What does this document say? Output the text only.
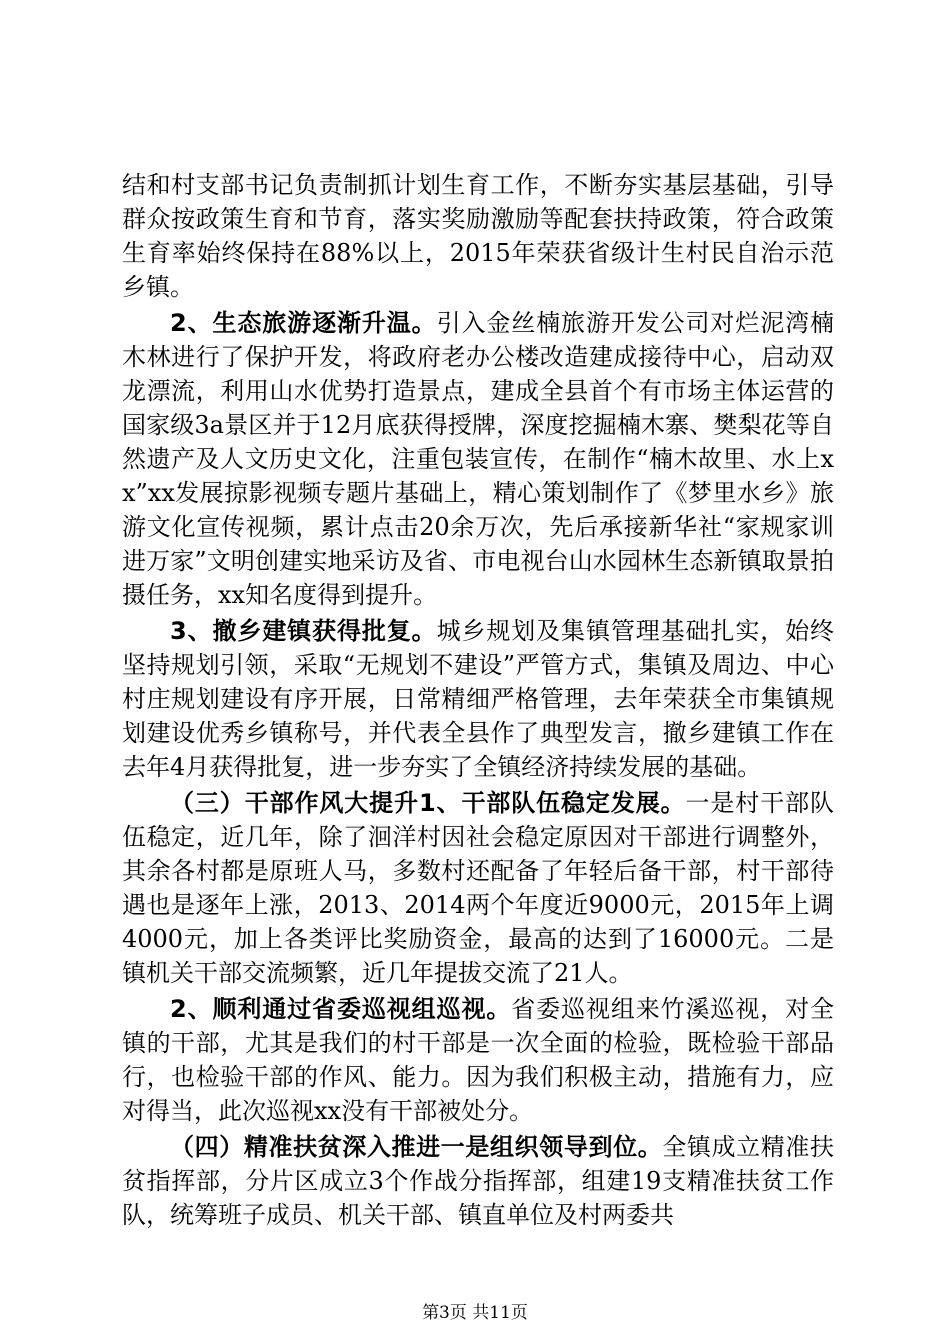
结和村支部书记负责制抓计划生育工作，不断夯实基层基础，引导群众按政策生育和节育，落实奖励激励等配套扶持政策，符合政策生育率始终保持在88%以上，2015年荣获省级计生村民自治示范乡镇。

2、生态旅游逐渐升温。引入金丝楠旅游开发公司对烂泥湾楠木林进行了保护开发，将政府老办公楼改造建成接待中心，启动双龙漂流，利用山水优势打造景点，建成全县首个有市场主体运营的国家级3a景区并于12月底获得授牌，深度挖掘楠木寨、樊梨花等自然遗产及人文历史文化，注重包装宣传，在制作“楠木故里、水上xx”xx发展掠影视频专题片基础上，精心策划制作了《梦里水乡》旅游文化宣传视频，累计点击20余万次，先后承接新华社“家规家训进万家”文明创建实地采访及省、市电视台山水园林生态新镇取景拍摄任务，xx知名度得到提升。

3、撤乡建镇获得批复。城乡规划及集镇管理基础扎实，始终坚持规划引领，采取“无规划不建设”严管方式，集镇及周边、中心村庄规划建设有序开展，日常精细严格管理，去年荣获全市集镇规划建设优秀乡镇称号，并代表全县作了典型发言，撤乡建镇工作在去年4月获得批复，进一步夯实了全镇经济持续发展的基础。

（三）干部作风大提升1、干部队伍稳定发展。一是村干部队伍稳定，近几年，除了洄洋村因社会稳定原因对干部进行调整外，其余各村都是原班人马，多数村还配备了年轻后备干部，村干部待遇也是逐年上涨，2013、2014两个年度近9000元，2015年上调4000元，加上各类评比奖励资金，最高的达到了16000元。二是镇机关干部交流频繁，近几年提拔交流了21人。

2、顺利通过省委巡视组巡视。省委巡视组来竹溪巡视，对全镇的干部，尤其是我们的村干部是一次全面的检验，既检验干部品行，也检验干部的作风、能力。因为我们积极主动，措施有力，应对得当，此次巡视xx没有干部被处分。

（四）精准扶贫深入推进一是组织领导到位。全镇成立精准扶贫指挥部，分片区成立3个作战分指挥部，组建19支精准扶贫工作队，统筹班子成员、机关干部、镇直单位及村两委共

第3页 共11页
